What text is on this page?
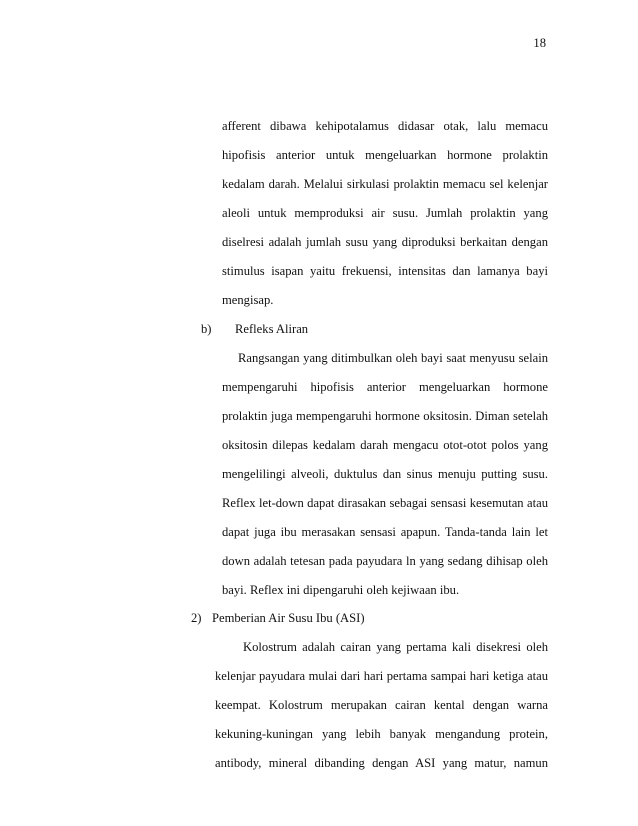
18
afferent dibawa kehipotalamus didasar otak, lalu memacu
hipofisis anterior untuk mengeluarkan hormone prolaktin
kedalam darah. Melalui sirkulasi prolaktin memacu sel kelenjar
aleoli untuk memproduksi air susu. Jumlah prolaktin yang
diselresi adalah jumlah susu yang diproduksi berkaitan dengan
stimulus isapan yaitu frekuensi, intensitas dan lamanya bayi
mengisap.
b) Refleks Aliran
Rangsangan yang ditimbulkan oleh bayi saat menyusu selain
mempengaruhi hipofisis anterior mengeluarkan hormone
prolaktin juga mempengaruhi hormone oksitosin. Diman setelah
oksitosin dilepas kedalam darah mengacu otot-otot polos yang
mengelilingi alveoli, duktulus dan sinus menuju putting susu.
Reflex let-down dapat dirasakan sebagai sensasi kesemutan atau
dapat juga ibu merasakan sensasi apapun. Tanda-tanda lain let
down adalah tetesan pada payudara ln yang sedang dihisap oleh
bayi. Reflex ini dipengaruhi oleh kejiwaan ibu.
2) Pemberian Air Susu Ibu (ASI)
Kolostrum adalah cairan yang pertama kali disekresi oleh
kelenjar payudara mulai dari hari pertama sampai hari ketiga atau
keempat. Kolostrum merupakan cairan kental dengan warna
kekuning-kuningan yang lebih banyak mengandung protein,
antibody, mineral dibanding dengan ASI yang matur, namun
